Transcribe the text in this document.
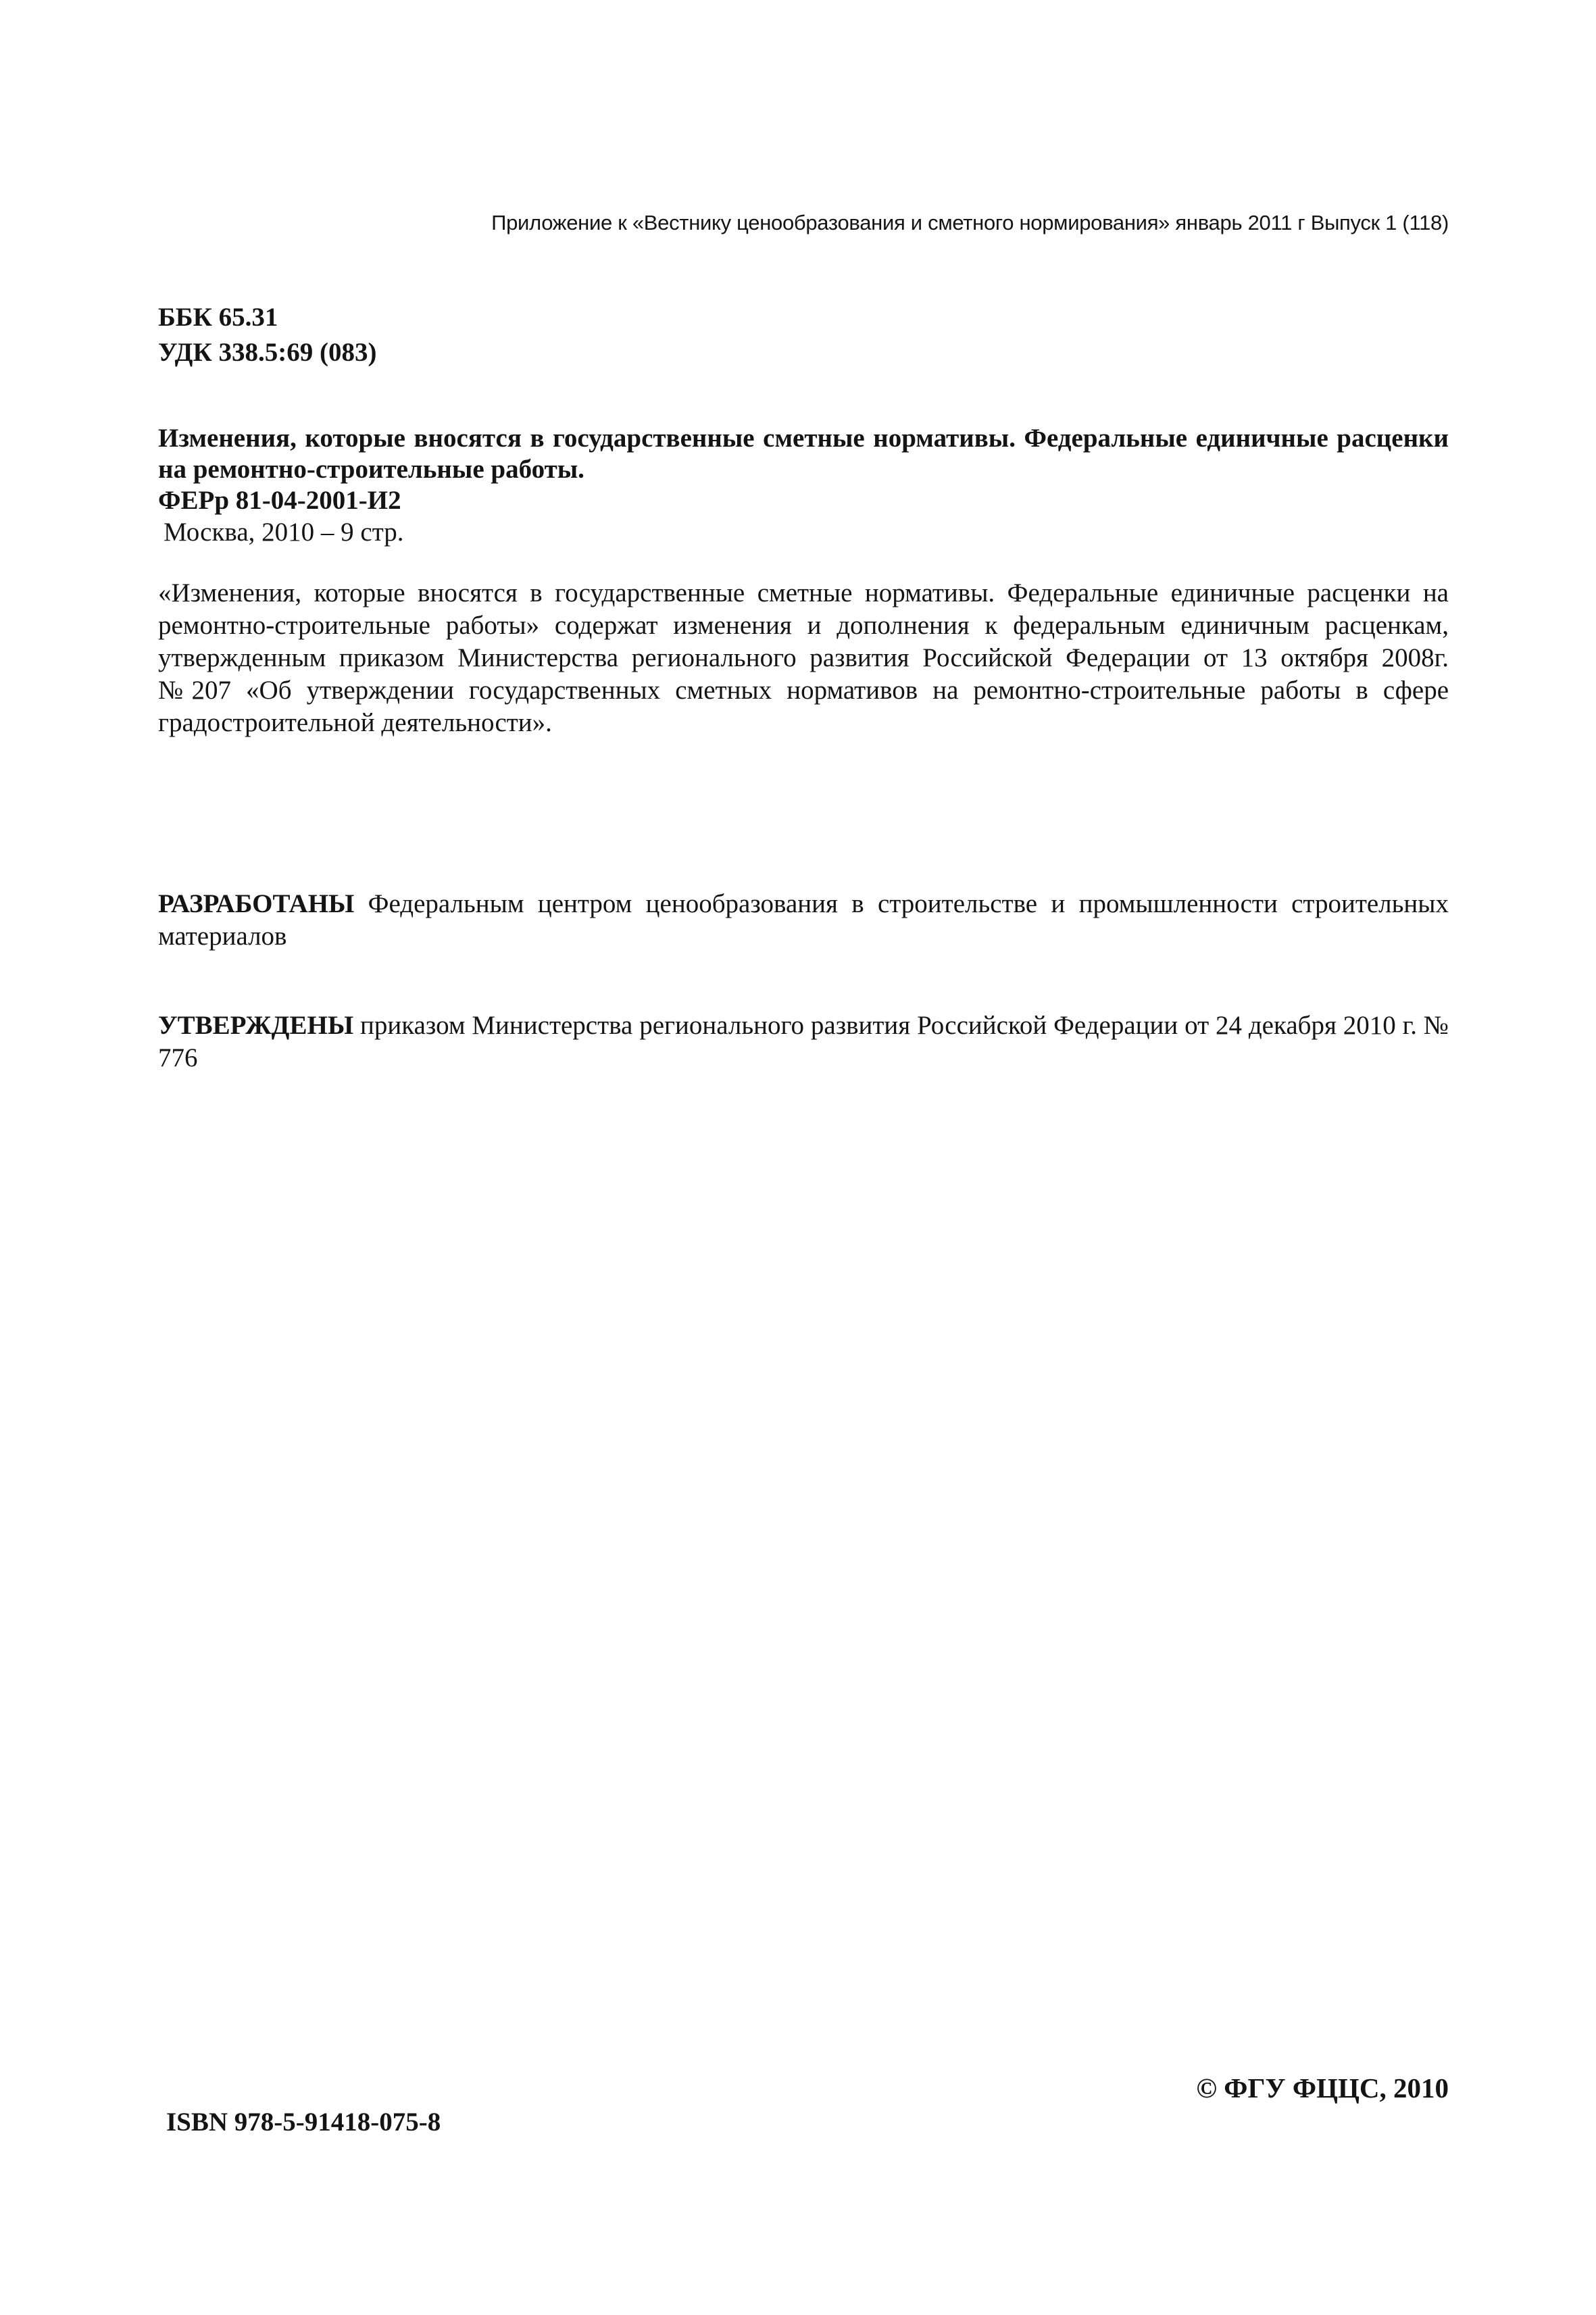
Приложение к «Вестнику ценообразования и сметного нормирования» январь 2011 г Выпуск 1 (118)
ББК 65.31
УДК 338.5:69 (083)

Изменения, которые вносятся в государственные сметные нормативы. Федеральные единичные расценки на ремонтно-строительные работы.

ФЕРр 81-04-2001-И2

Москва, 2010 – 9 стр.

«Изменения, которые вносятся в государственные сметные нормативы. Федеральные единичные расценки на ремонтно-строительные работы» содержат изменения и дополнения к федеральным единичным расценкам, утвержденным приказом Министерства регионального развития Российской Федерации от 13 октября 2008г. №207 «Об утверждении государственных сметных нормативов на ремонтно-строительные работы в сфере градостроительной деятельности».

РАЗРАБОТАНЫ Федеральным центром ценообразования в строительстве и промышленности строительных материалов

УТВЕРЖДЕНЫ приказом Министерства регионального развития Российской Федерации от 24 декабря 2010 г. № 776

© ФГУ ФЦЦС, 2010
ISBN 978-5-91418-075-8
